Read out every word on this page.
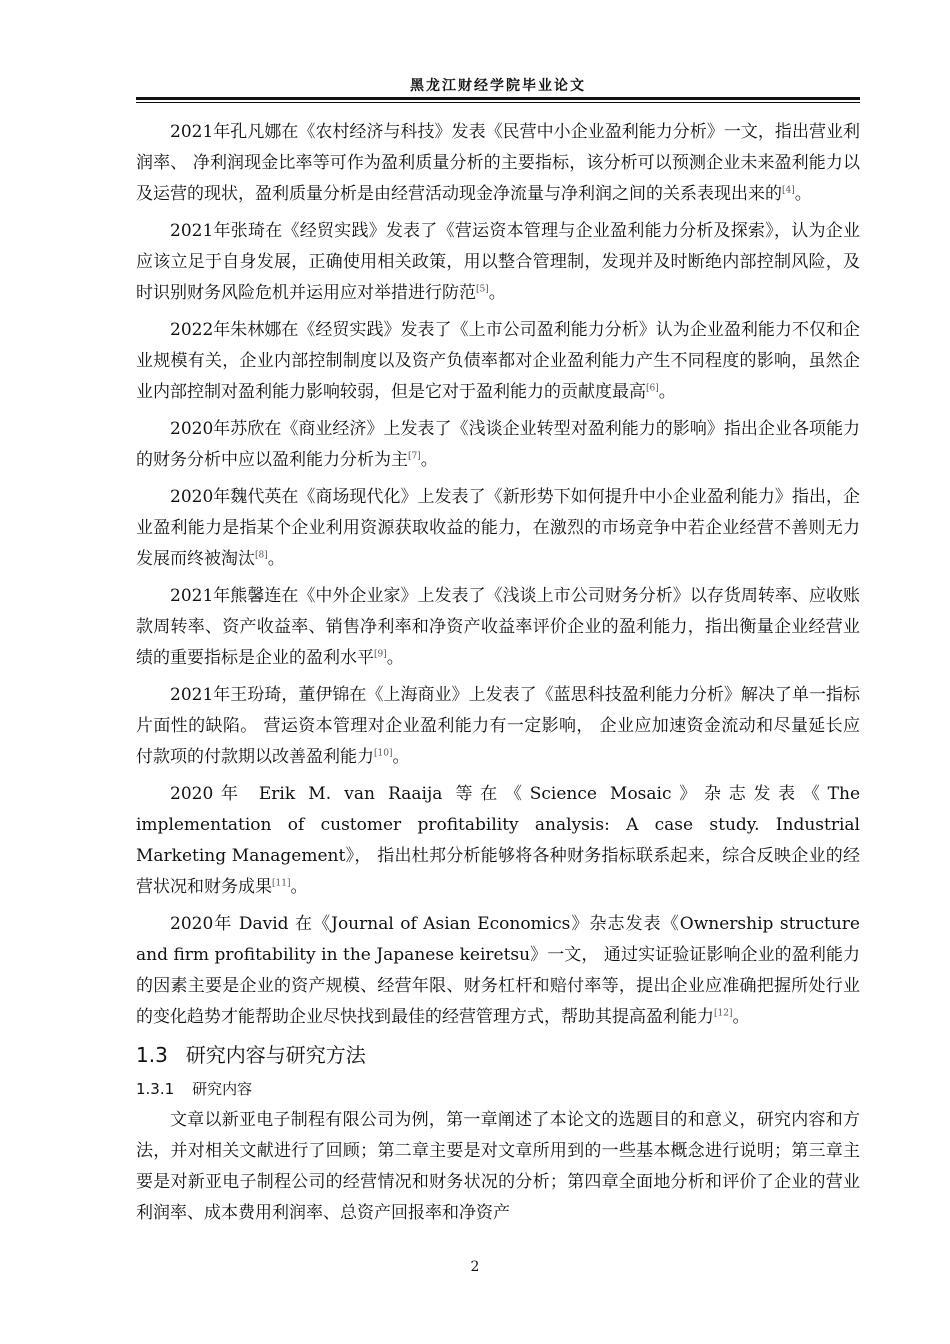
黑龙江财经学院毕业论文

2021年孔凡娜在《农村经济与科技》发表《民营中小企业盈利能力分析》一文，指出营业利润率、 净利润现金比率等可作为盈利质量分析的主要指标，该分析可以预测企业未来盈利能力以及运营的现状，盈利质量分析是由经营活动现金净流量与净利润之间的关系表现出来的[4]。

2021年张琦在《经贸实践》发表了《营运资本管理与企业盈利能力分析及探索》，认为企业应该立足于自身发展，正确使用相关政策，用以整合管理制，发现并及时断绝内部控制风险，及时识别财务风险危机并运用应对举措进行防范[5]。

2022年朱林娜在《经贸实践》发表了《上市公司盈利能力分析》认为企业盈利能力不仅和企业规模有关，企业内部控制制度以及资产负债率都对企业盈利能力产生不同程度的影响，虽然企业内部控制对盈利能力影响较弱，但是它对于盈利能力的贡献度最高[6]。

2020年苏欣在《商业经济》上发表了《浅谈企业转型对盈利能力的影响》指出企业各项能力的财务分析中应以盈利能力分析为主[7]。

2020年魏代英在《商场现代化》上发表了《新形势下如何提升中小企业盈利能力》指出，企业盈利能力是指某个企业利用资源获取收益的能力，在激烈的市场竞争中若企业经营不善则无力发展而终被淘汰[8]。

2021年熊馨连在《中外企业家》上发表了《浅谈上市公司财务分析》以存货周转率、应收账款周转率、资产收益率、销售净利率和净资产收益率评价企业的盈利能力，指出衡量企业经营业绩的重要指标是企业的盈利水平[9]。

2021年王玢琦，董伊锦在《上海商业》上发表了《蓝思科技盈利能力分析》解决了单一指标片面性的缺陷。 营运资本管理对企业盈利能力有一定影响， 企业应加速资金流动和尽量延长应付款项的付款期以改善盈利能力[10]。

2020年 Erik M. van Raaija 等在《Science Mosaic》杂志发表《The implementation of customer profitability analysis: A case study. Industrial Marketing Management》， 指出杜邦分析能够将各种财务指标联系起来，综合反映企业的经营状况和财务成果[11]。

2020年 David 在《Journal of Asian Economics》杂志发表《Ownership structure and firm profitability in the Japanese keiretsu》一文， 通过实证验证影响企业的盈利能力的因素主要是企业的资产规模、经营年限、财务杠杆和赔付率等，提出企业应准确把握所处行业的变化趋势才能帮助企业尽快找到最佳的经营管理方式，帮助其提高盈利能力[12]。

1.3 研究内容与研究方法
1.3.1 研究内容

文章以新亚电子制程有限公司为例，第一章阐述了本论文的选题目的和意义，研究内容和方法，并对相关文献进行了回顾；第二章主要是对文章所用到的一些基本概念进行说明；第三章主要是对新亚电子制程公司的经营情况和财务状况的分析；第四章全面地分析和评价了企业的营业利润率、成本费用利润率、总资产回报率和净资产

2
